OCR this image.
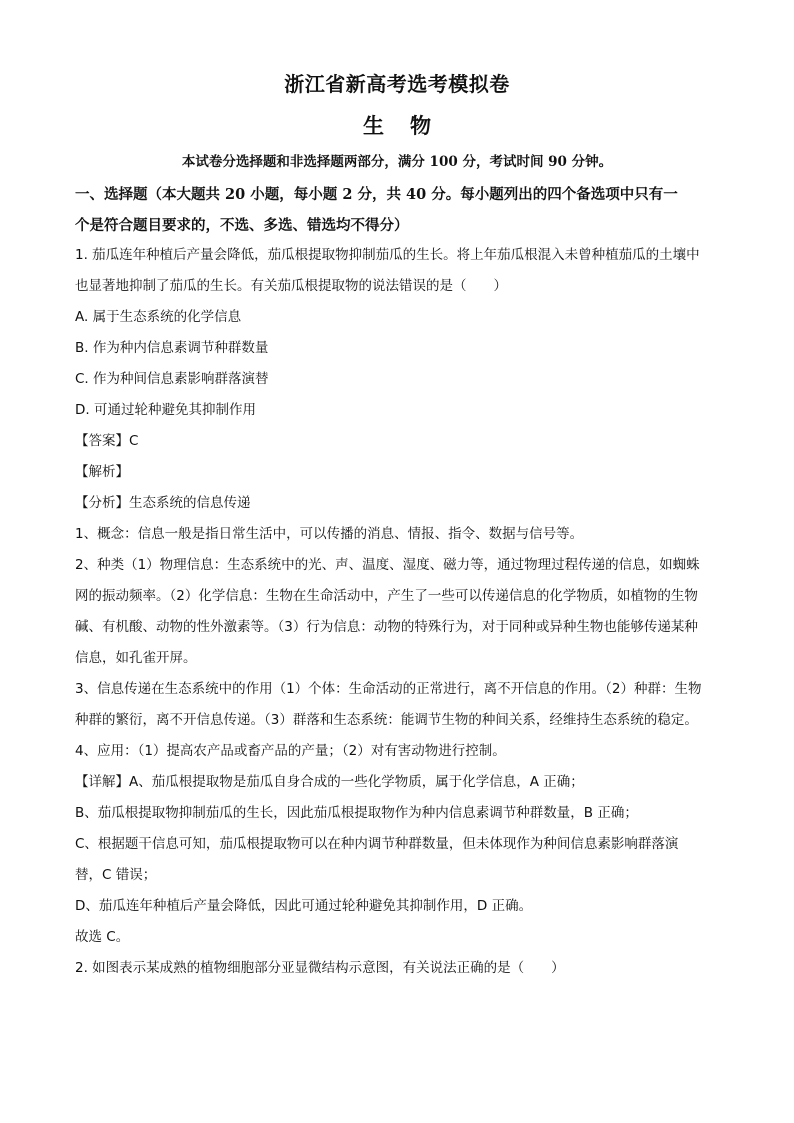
浙江省新高考选考模拟卷
生物
本试卷分选择题和非选择题两部分，满分 100 分，考试时间 90 分钟。
一、选择题（本大题共 20 小题，每小题 2 分，共 40 分。每小题列出的四个备选项中只有一
个是符合题目要求的，不选、多选、错选均不得分）

1. 茄瓜连年种植后产量会降低，茄瓜根提取物抑制茄瓜的生长。将上年茄瓜根混入未曾种植茄瓜的土壤中

也显著地抑制了茄瓜的生长。有关茄瓜根提取物的说法错误的是（　　）

A. 属于生态系统的化学信息

B. 作为种内信息素调节种群数量

C. 作为种间信息素影响群落演替

D. 可通过轮种避免其抑制作用

【答案】C

【解析】

【分析】生态系统的信息传递

1、概念：信息一般是指日常生活中，可以传播的消息、情报、指令、数据与信号等。

2、种类（1）物理信息：生态系统中的光、声、温度、湿度、磁力等，通过物理过程传递的信息，如蜘蛛

网的振动频率。（2）化学信息：生物在生命活动中，产生了一些可以传递信息的化学物质，如植物的生物

碱、有机酸、动物的性外激素等。（3）行为信息：动物的特殊行为，对于同种或异种生物也能够传递某种

信息，如孔雀开屏。

3、信息传递在生态系统中的作用（1）个体：生命活动的正常进行，离不开信息的作用。（2）种群：生物

种群的繁衍，离不开信息传递。（3）群落和生态系统：能调节生物的种间关系，经维持生态系统的稳定。

4、应用：（1）提高农产品或畜产品的产量；（2）对有害动物进行控制。

【详解】A、茄瓜根提取物是茄瓜自身合成的一些化学物质，属于化学信息，A 正确；

B、茄瓜根提取物抑制茄瓜的生长，因此茄瓜根提取物作为种内信息素调节种群数量，B 正确；

C、根据题干信息可知，茄瓜根提取物可以在种内调节种群数量，但未体现作为种间信息素影响群落演

替，C 错误；

D、茄瓜连年种植后产量会降低，因此可通过轮种避免其抑制作用，D 正确。

故选 C。

2. 如图表示某成熟的植物细胞部分亚显微结构示意图，有关说法正确的是（　　）
